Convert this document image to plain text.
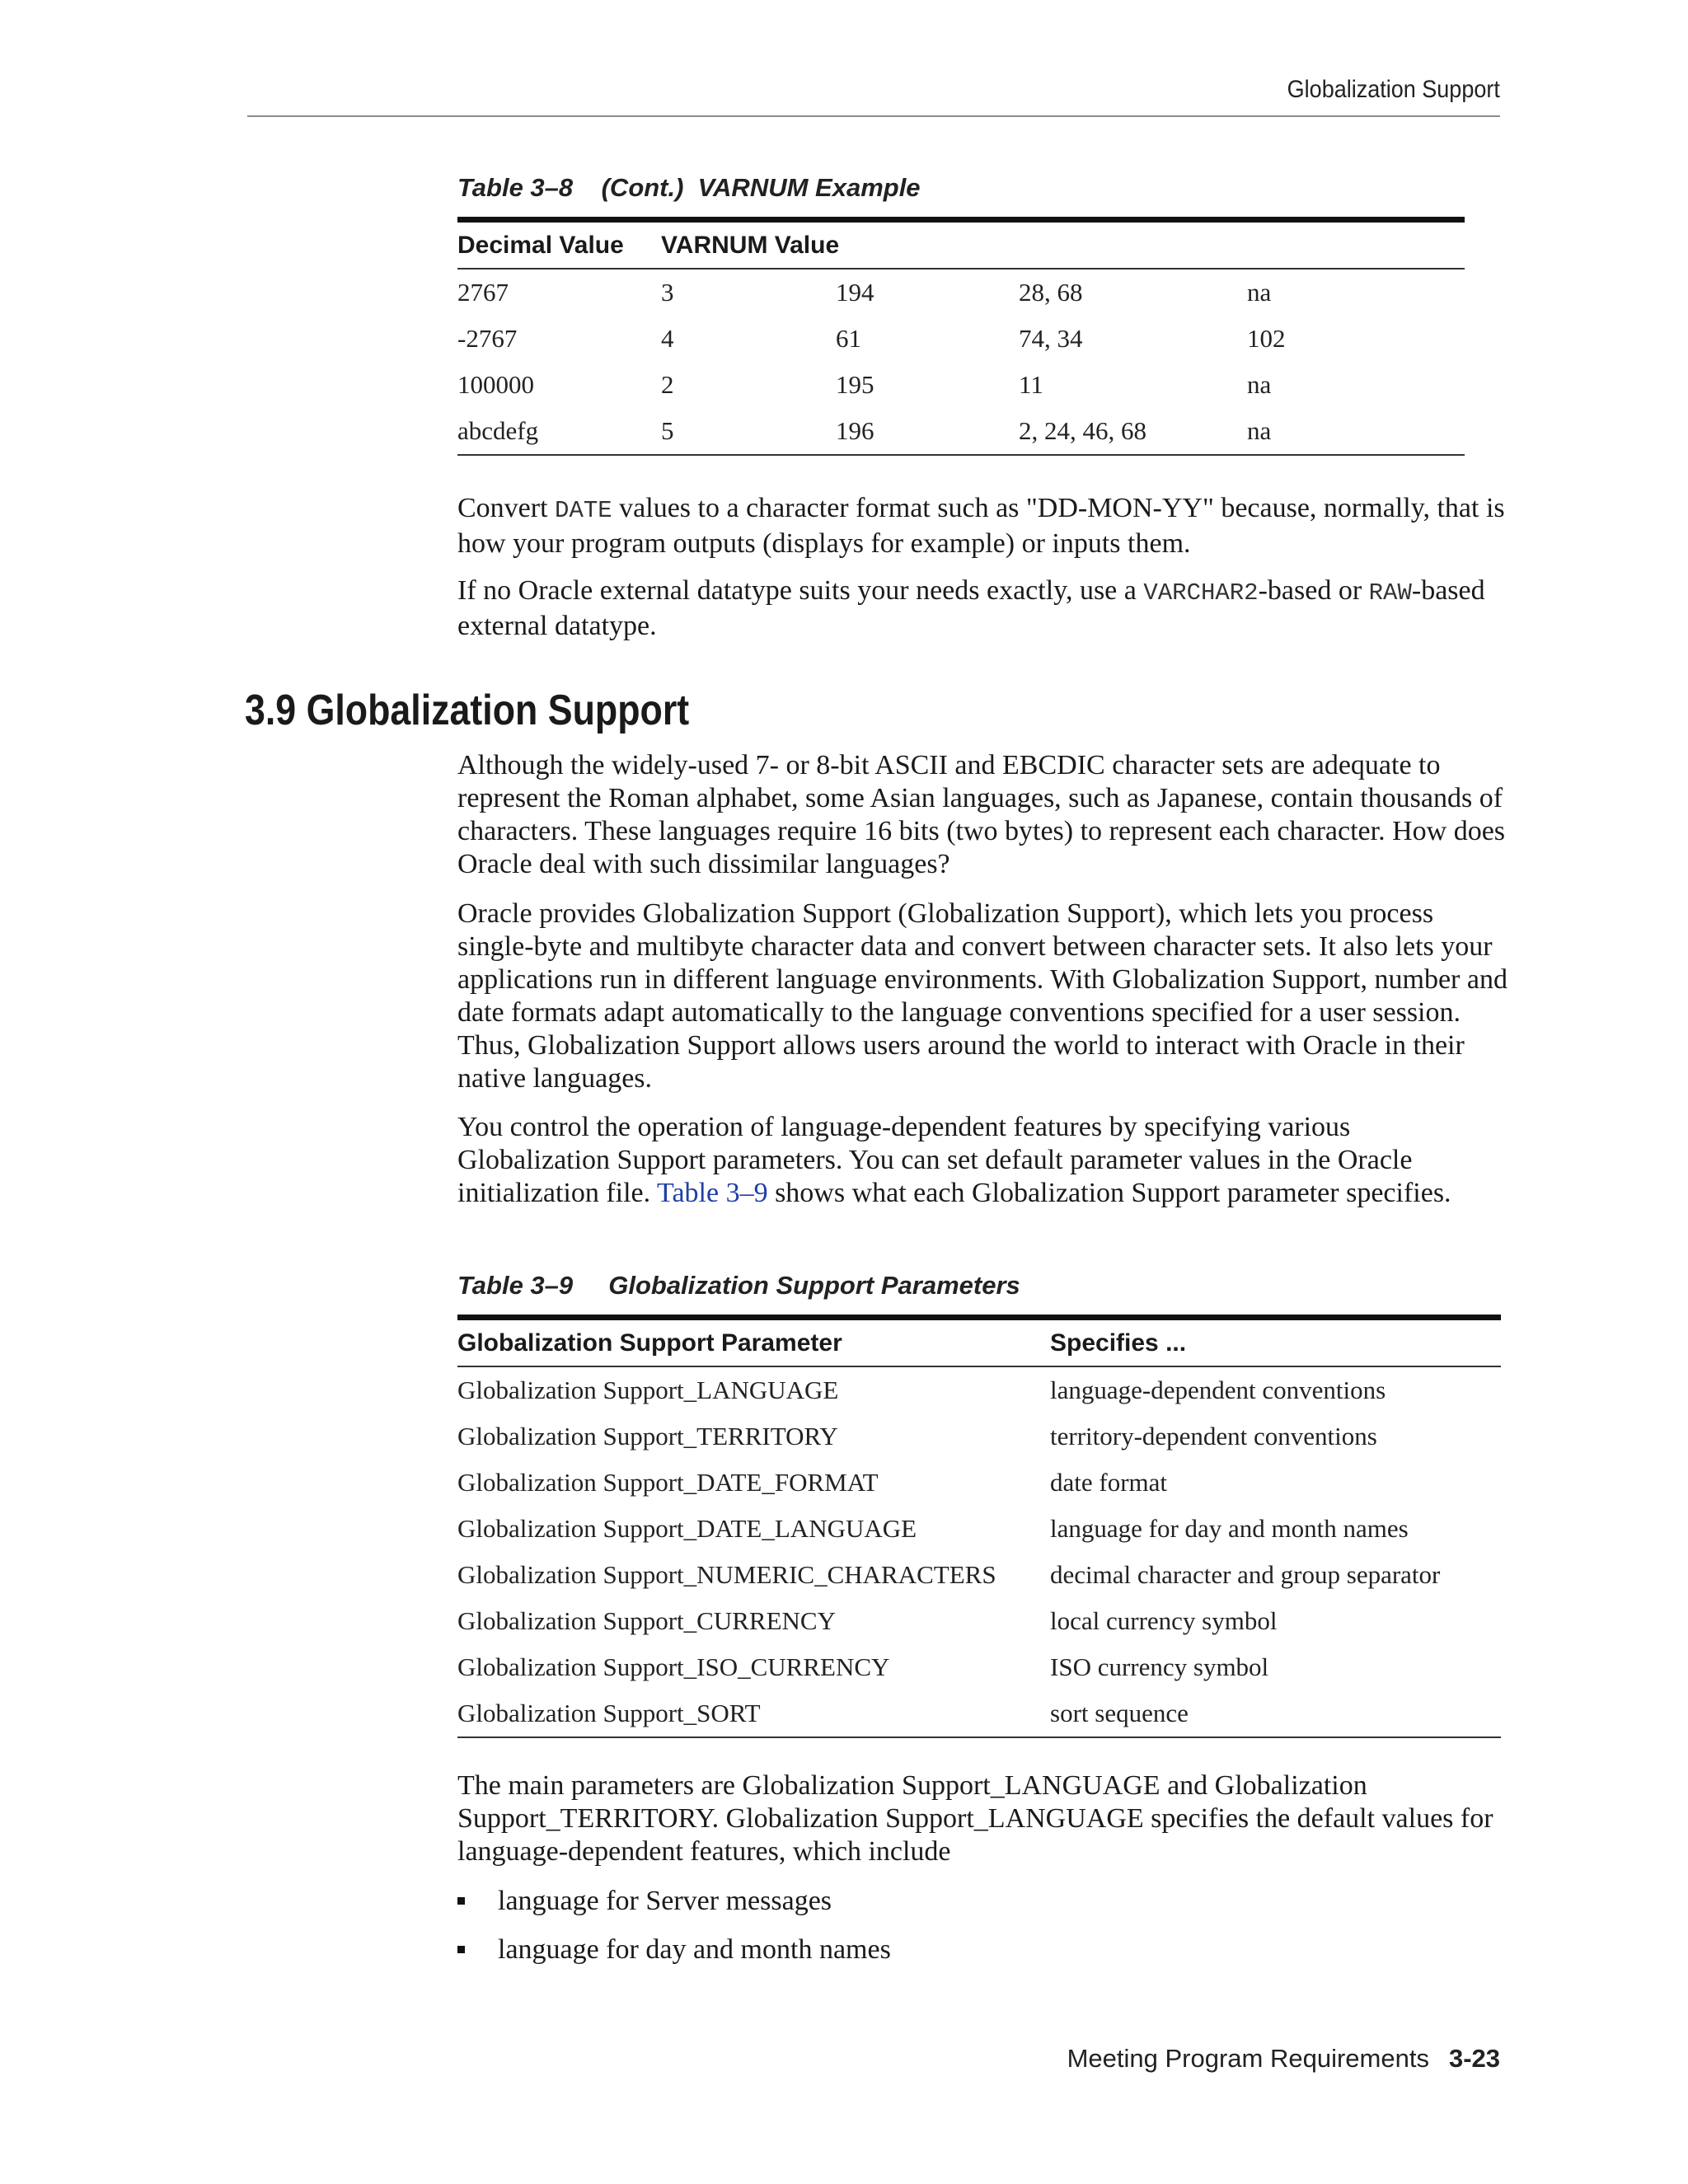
Globalization Support
Table 3–8    (Cont.)  VARNUM Example
Decimal Value	VARNUM Value			
2767	3	194	28, 68	na
-2767	4	61	74, 34	102
100000	2	195	11	na
abcdefg	5	196	2, 24, 46, 68	na

Convert DATE values to a character format such as "DD-MON-YY" because, normally, that is how your program outputs (displays for example) or inputs them.

If no Oracle external datatype suits your needs exactly, use a VARCHAR2-based or RAW-based external datatype.

3.9 Globalization Support

Although the widely-used 7- or 8-bit ASCII and EBCDIC character sets are adequate to represent the Roman alphabet, some Asian languages, such as Japanese, contain thousands of characters. These languages require 16 bits (two bytes) to represent each character. How does Oracle deal with such dissimilar languages?

Oracle provides Globalization Support (Globalization Support), which lets you process single-byte and multibyte character data and convert between character sets. It also lets your applications run in different language environments. With Globalization Support, number and date formats adapt automatically to the language conventions specified for a user session. Thus, Globalization Support allows users around the world to interact with Oracle in their native languages.

You control the operation of language-dependent features by specifying various Globalization Support parameters. You can set default parameter values in the Oracle initialization file. Table 3–9 shows what each Globalization Support parameter specifies.

Table 3–9     Globalization Support Parameters
Globalization Support Parameter	Specifies ...
Globalization Support_LANGUAGE	language-dependent conventions
Globalization Support_TERRITORY	territory-dependent conventions
Globalization Support_DATE_FORMAT	date format
Globalization Support_DATE_LANGUAGE	language for day and month names
Globalization Support_NUMERIC_CHARACTERS	decimal character and group separator
Globalization Support_CURRENCY	local currency symbol
Globalization Support_ISO_CURRENCY	ISO currency symbol
Globalization Support_SORT	sort sequence

The main parameters are Globalization Support_LANGUAGE and Globalization Support_TERRITORY. Globalization Support_LANGUAGE specifies the default values for language-dependent features, which include

language for Server messages
language for day and month names
Meeting Program Requirements 3-23
